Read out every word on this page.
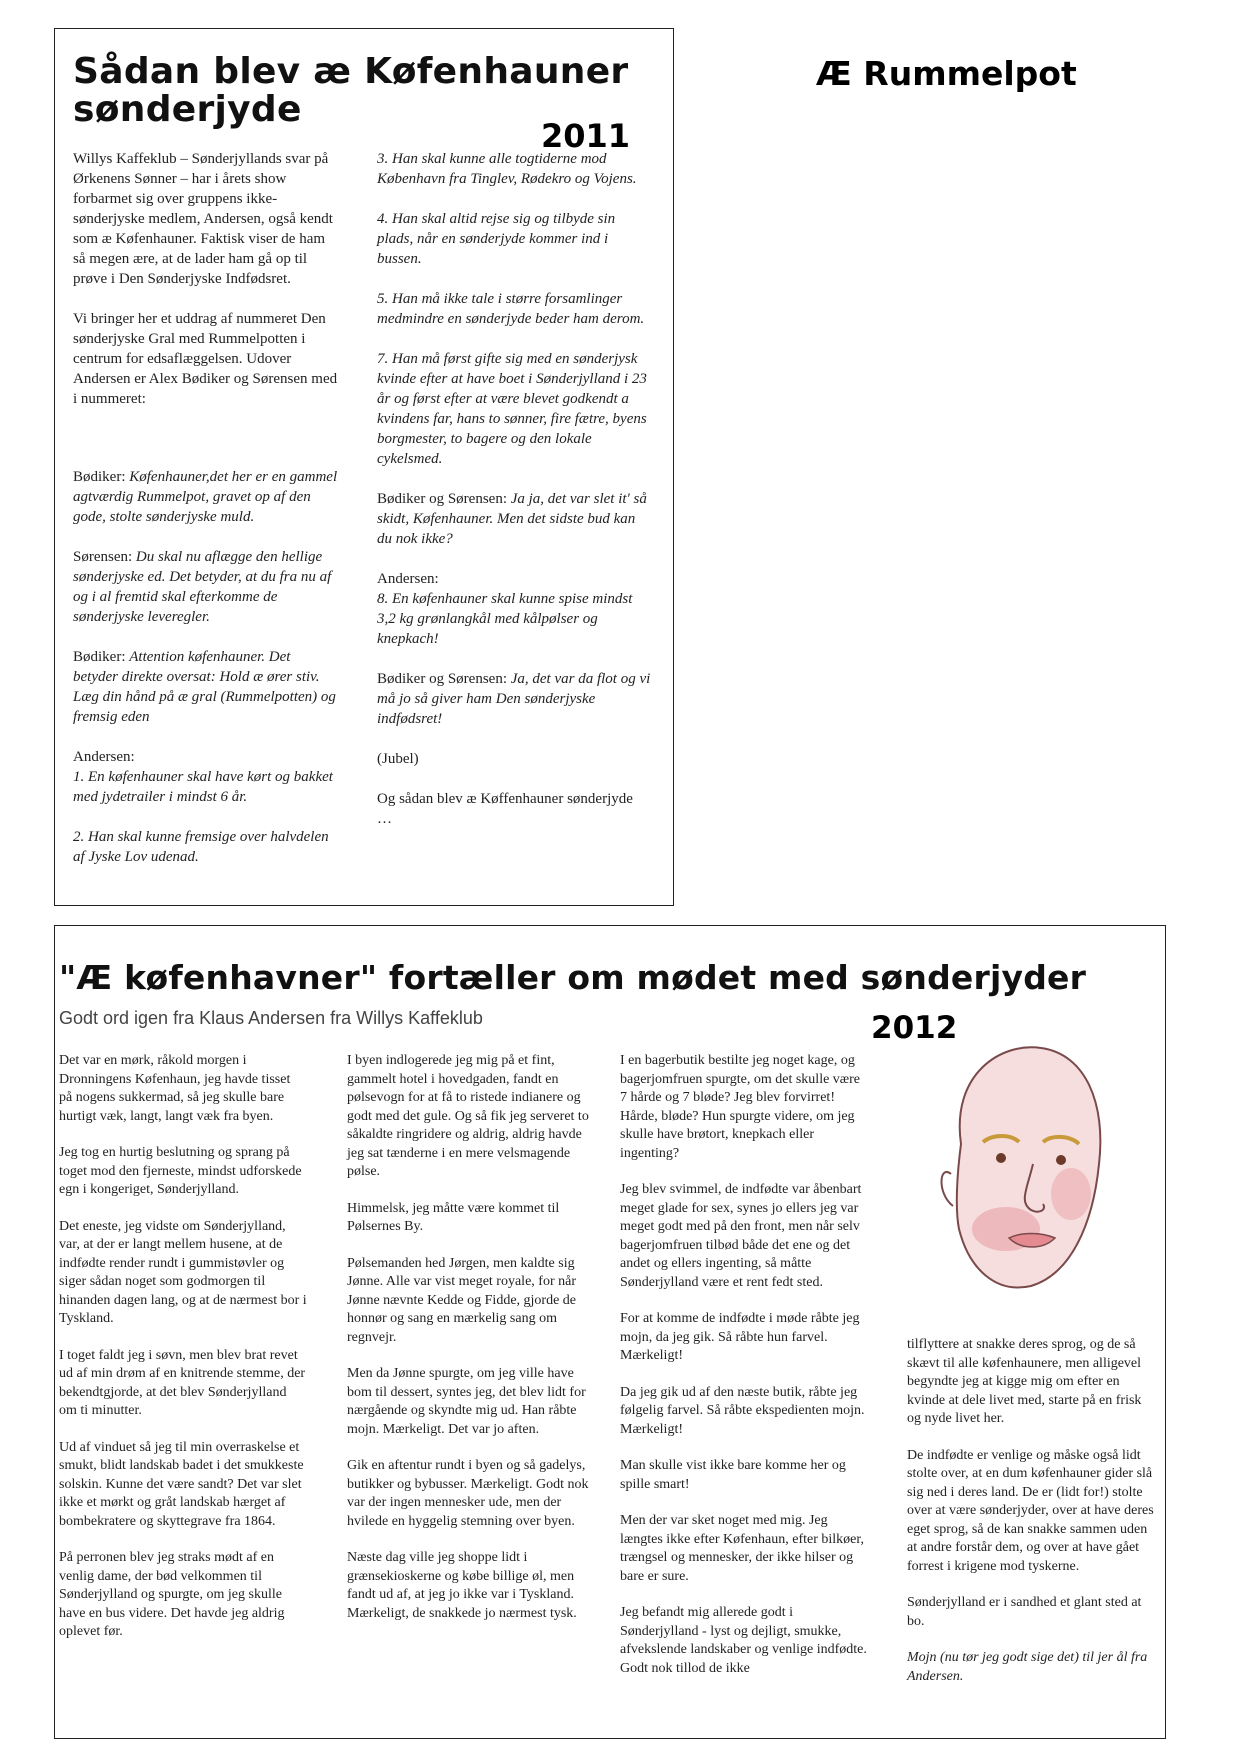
Æ Rummelpot
Sådan blev æ Køfenhauner sønderjyde
2011

Willys Kaffeklub – Sønderjyllands svar på Ørkenens Sønner – har i årets show forbarmet sig over gruppens ikke-sønderjyske medlem, Andersen, også kendt som æ Køfenhauner. Faktisk viser de ham så megen ære, at de lader ham gå op til prøve i Den Sønderjyske Indfødsret.

Vi bringer her et uddrag af nummeret Den sønderjyske Gral med Rummelpotten i centrum for edsaflæggelsen. Udover Andersen er Alex Bødiker og Sørensen med i nummeret:

Bødiker: Køfenhauner,det her er en gammel agtværdig Rummelpot, gravet op af den gode, stolte sønderjyske muld.

Sørensen: Du skal nu aflægge den hellige sønderjyske ed. Det betyder, at du fra nu af og i al fremtid skal efterkomme de sønderjyske leveregler.

Bødiker: Attention køfenhauner. Det betyder direkte oversat: Hold æ ører stiv. Læg din hånd på æ gral (Rummelpotten) og fremsig eden

Andersen:
1. En køfenhauner skal have kørt og bakket med jydetrailer i mindst 6 år.

2. Han skal kunne fremsige over halvdelen af Jyske Lov udenad.

3. Han skal kunne alle togtiderne mod København fra Tinglev, Rødekro og Vojens.

4. Han skal altid rejse sig og tilbyde sin plads, når en sønderjyde kommer ind i bussen.

5. Han må ikke tale i større forsamlinger medmindre en sønderjyde beder ham derom.

7. Han må først gifte sig med en sønderjysk kvinde efter at have boet i Sønderjylland i 23 år og først efter at være blevet godkendt a kvindens far, hans to sønner, fire fætre, byens borgmester, to bagere og den lokale cykelsmed.

Bødiker og Sørensen: Ja ja, det var slet it' så skidt, Køfenhauner. Men det sidste bud kan du nok ikke?

Andersen:
8. En køfenhauner skal kunne spise mindst 3,2 kg grønlangkål med kålpølser og knepkach!

Bødiker og Sørensen: Ja, det var da flot og vi må jo så giver ham Den sønderjyske indfødsret!

(Jubel)

Og sådan blev æ Køffenhauner sønderjyde …

"Æ køfenhavner" fortæller om mødet med sønderjyder
Godt ord igen fra Klaus Andersen fra Willys Kaffeklub	2012

Det var en mørk, råkold morgen i Dronningens Køfenhaun, jeg havde tisset på nogens sukkermad, så jeg skulle bare hurtigt væk, langt, langt væk fra byen.

Jeg tog en hurtig beslutning og sprang på toget mod den fjerneste, mindst udforskede egn i kongeriget, Sønderjylland.

Det eneste, jeg vidste om Sønderjylland, var, at der er langt mellem husene, at de indfødte render rundt i gummistøvler og siger sådan noget som godmorgen til hinanden dagen lang, og at de nærmest bor i Tyskland.

I toget faldt jeg i søvn, men blev brat revet ud af min drøm af en knitrende stemme, der bekendtgjorde, at det blev Sønderjylland om ti minutter.

Ud af vinduet så jeg til min overraskelse et smukt, blidt landskab badet i det smukkeste solskin. Kunne det være sandt? Det var slet ikke et mørkt og gråt landskab hærget af bombekratere og skyttegrave fra 1864.

På perronen blev jeg straks mødt af en venlig dame, der bød velkommen til Sønderjylland og spurgte, om jeg skulle have en bus videre. Det havde jeg aldrig oplevet før.

I byen indlogerede jeg mig på et fint, gammelt hotel i hovedgaden, fandt en pølsevogn for at få to ristede indianere og godt med det gule. Og så fik jeg serveret to såkaldte ringridere og aldrig, aldrig havde jeg sat tænderne i en mere velsmagende pølse.

Himmelsk, jeg måtte være kommet til Pølsernes By.

Pølsemanden hed Jørgen, men kaldte sig Jønne. Alle var vist meget royale, for når Jønne nævnte Kedde og Fidde, gjorde de honnør og sang en mærkelig sang om regnvejr.

Men da Jønne spurgte, om jeg ville have bom til dessert, syntes jeg, det blev lidt for nærgående og skyndte mig ud. Han råbte mojn. Mærkeligt. Det var jo aften.

Gik en aftentur rundt i byen og så gadelys, butikker og bybusser. Mærkeligt. Godt nok var der ingen mennesker ude, men der hvilede en hyggelig stemning over byen.

Næste dag ville jeg shoppe lidt i grænsekioskerne og købe billige øl, men fandt ud af, at jeg jo ikke var i Tyskland. Mærkeligt, de snakkede jo nærmest tysk.

I en bagerbutik bestilte jeg noget kage, og bagerjomfruen spurgte, om det skulle være 7 hårde og 7 bløde? Jeg blev forvirret! Hårde, bløde? Hun spurgte videre, om jeg skulle have brøtort, knepkach eller ingenting?

Jeg blev svimmel, de indfødte var åbenbart meget glade for sex, synes jo ellers jeg var meget godt med på den front, men når selv bagerjomfruen tilbød både det ene og det andet og ellers ingenting, så måtte Sønderjylland være et rent fedt sted.

For at komme de indfødte i møde råbte jeg mojn, da jeg gik. Så råbte hun farvel. Mærkeligt!

Da jeg gik ud af den næste butik, råbte jeg følgelig farvel. Så råbte ekspedienten mojn. Mærkeligt!

Man skulle vist ikke bare komme her og spille smart!

Men der var sket noget med mig. Jeg længtes ikke efter Køfenhaun, efter bilkøer, trængsel og mennesker, der ikke hilser og bare er sure.

Jeg befandt mig allerede godt i Sønderjylland - lyst og dejligt, smukke, afvekslende landskaber og venlige indfødte. Godt nok tillod de ikke

tilflyttere at snakke deres sprog, og de så skævt til alle køfenhaunere, men alligevel begyndte jeg at kigge mig om efter en kvinde at dele livet med, starte på en frisk og nyde livet her.

De indfødte er venlige og måske også lidt stolte over, at en dum køfenhauner gider slå sig ned i deres land. De er (lidt for!) stolte over at være sønderjyder, over at have deres eget sprog, så de kan snakke sammen uden at andre forstår dem, og over at have gået forrest i krigene mod tyskerne.

Sønderjylland er i sandhed et glant sted at bo.

Mojn (nu tør jeg godt sige det) til jer ål fra Andersen.
